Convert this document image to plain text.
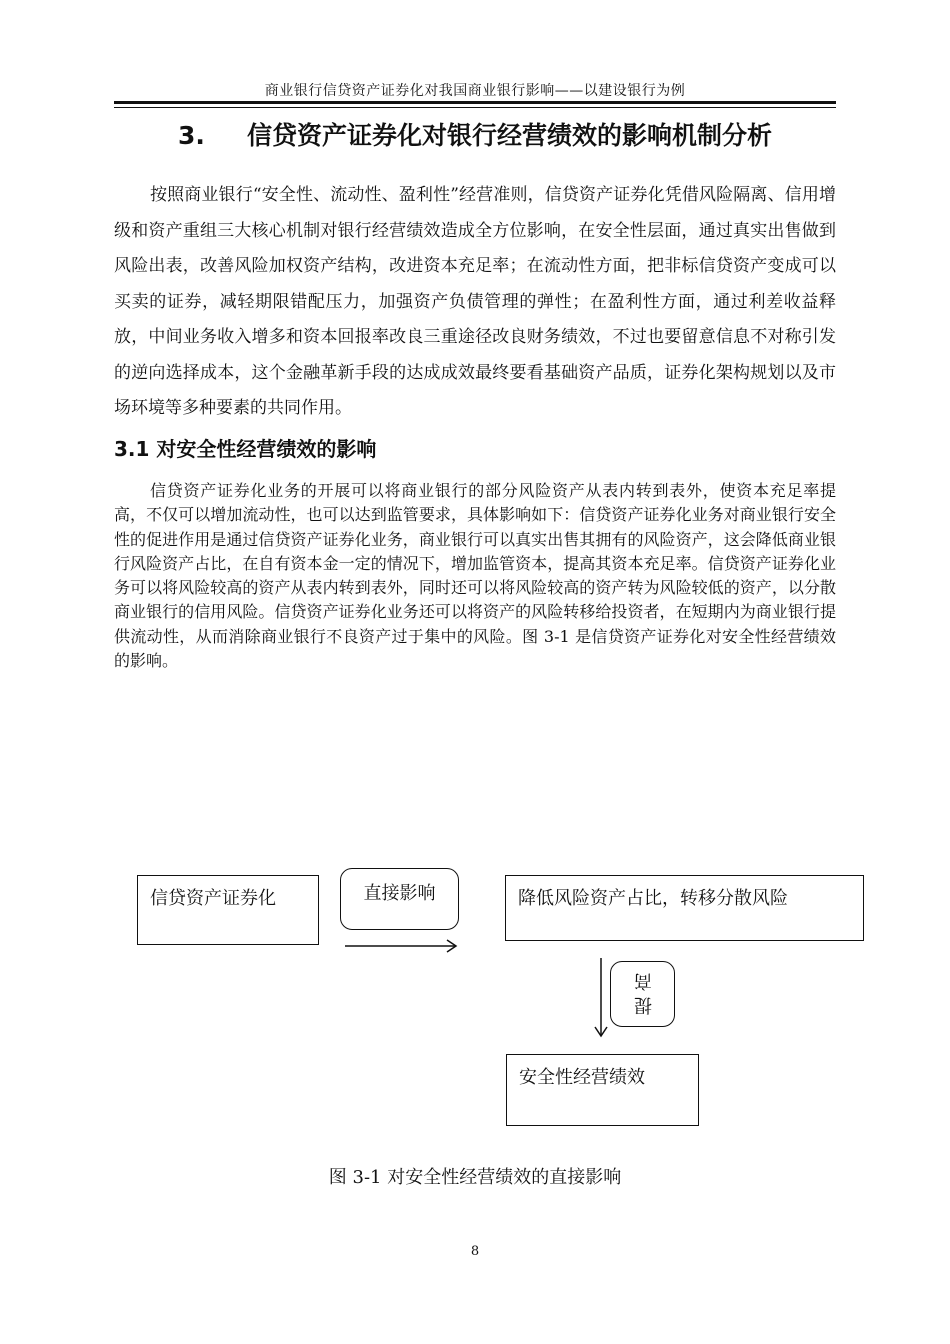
商业银行信贷资产证券化对我国商业银行影响——以建设银行为例
3. 信贷资产证券化对银行经营绩效的影响机制分析

按照商业银行“安全性、流动性、盈利性”经营准则，信贷资产证券化凭借风险隔离、信用增级和资产重组三大核心机制对银行经营绩效造成全方位影响，在安全性层面，通过真实出售做到风险出表，改善风险加权资产结构，改进资本充足率；在流动性方面，把非标信贷资产变成可以买卖的证券，减轻期限错配压力，加强资产负债管理的弹性；在盈利性方面，通过利差收益释放，中间业务收入增多和资本回报率改良三重途径改良财务绩效，不过也要留意信息不对称引发的逆向选择成本，这个金融革新手段的达成成效最终要看基础资产品质，证券化架构规划以及市场环境等多种要素的共同作用。

3.1 对安全性经营绩效的影响

信贷资产证券化业务的开展可以将商业银行的部分风险资产从表内转到表外，使资本充足率提高，不仅可以增加流动性，也可以达到监管要求，具体影响如下：信贷资产证券化业务对商业银行安全性的促进作用是通过信贷资产证券化业务，商业银行可以真实出售其拥有的风险资产，这会降低商业银行风险资产占比，在自有资本金一定的情况下，增加监管资本，提高其资本充足率。信贷资产证券化业务可以将风险较高的资产从表内转到表外，同时还可以将风险较高的资产转为风险较低的资产，以分散商业银行的信用风险。信贷资产证券化业务还可以将资产的风险转移给投资者，在短期内为商业银行提供流动性，从而消除商业银行不良资产过于集中的风险。图 3-1 是信贷资产证券化对安全性经营绩效的影响。

信贷资产证券化	直接影响	降低风险资产占比，转移分散风险
提高
安全性经营绩效
图 3-1 对安全性经营绩效的直接影响
8
